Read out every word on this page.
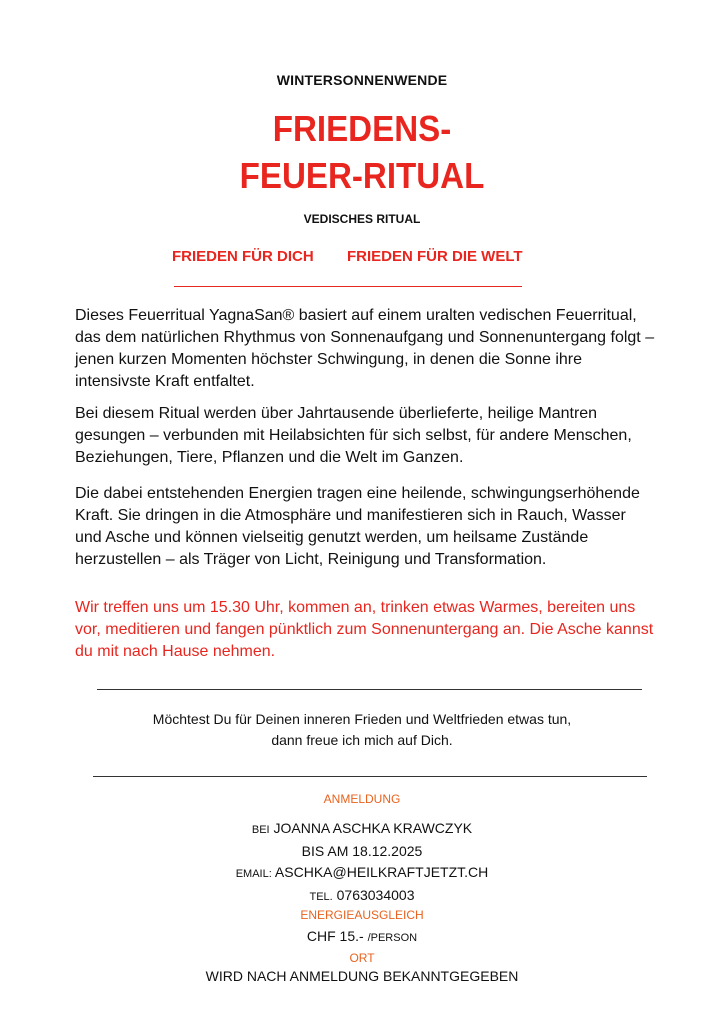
WINTERSONNENWENDE
FRIEDENS-
FEUER-RITUAL
VEDISCHES RITUAL
FRIEDEN FÜR DICH FRIEDEN FÜR DIE WELT

Dieses Feuerritual YagnaSan® basiert auf einem uralten vedischen Feuerritual, das dem natürlichen Rhythmus von Sonnenaufgang und Sonnenuntergang folgt – jenen kurzen Momenten höchster Schwingung, in denen die Sonne ihre intensivste Kraft entfaltet.

Bei diesem Ritual werden über Jahrtausende überlieferte, heilige Mantren gesungen – verbunden mit Heilabsichten für sich selbst, für andere Menschen, Beziehungen, Tiere, Pflanzen und die Welt im Ganzen.

Die dabei entstehenden Energien tragen eine heilende, schwingungserhöhende Kraft. Sie dringen in die Atmosphäre und manifestieren sich in Rauch, Wasser und Asche und können vielseitig genutzt werden, um heilsame Zustände herzustellen – als Träger von Licht, Reinigung und Transformation.

Wir treffen uns um 15.30 Uhr, kommen an, trinken etwas Warmes, bereiten uns vor, meditieren und fangen pünktlich zum Sonnenuntergang an. Die Asche kannst du mit nach Hause nehmen.

Möchtest Du für Deinen inneren Frieden und Weltfrieden etwas tun,
dann freue ich mich auf Dich.
ANMELDUNG
BEI JOANNA ASCHKA KRAWCZYK
BIS AM 18.12.2025
EMAIL: ASCHKA@HEILKRAFTJETZT.CH
TEL. 0763034003
ENERGIEAUSGLEICH
CHF 15.- /PERSON
ORT
WIRD NACH ANMELDUNG BEKANNTGEGEBEN
